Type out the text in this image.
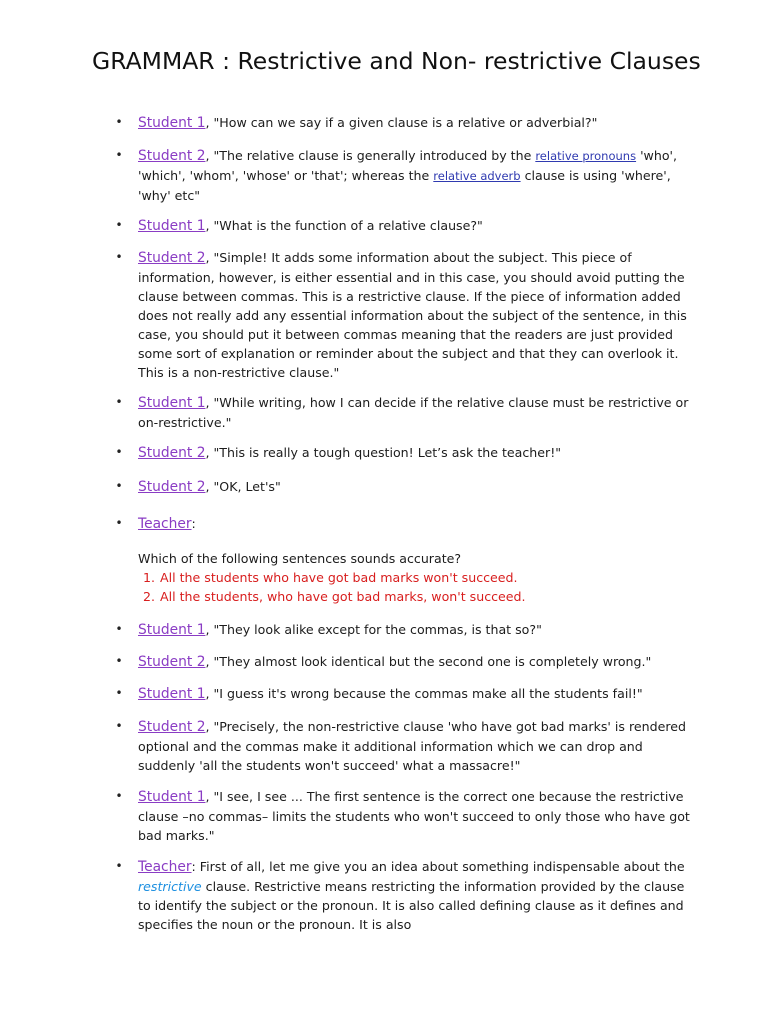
GRAMMAR : Restrictive and Non- restrictive Clauses
• Student 1, "How can we say if a given clause is a relative or adverbial?"
• Student 2, "The relative clause is generally introduced by the relative pronouns 'who', 'which', 'whom', 'whose' or 'that'; whereas the relative adverb clause is using 'where', 'why' etc"
• Student 1, "What is the function of a relative clause?"
• Student 2, "Simple! It adds some information about the subject. This piece of information, however, is either essential and in this case, you should avoid putting the clause between commas. This is a restrictive clause. If the piece of information added does not really add any essential information about the subject of the sentence, in this case, you should put it between commas meaning that the readers are just provided some sort of explanation or reminder about the subject and that they can overlook it. This is a non-restrictive clause."
• Student 1, "While writing, how I can decide if the relative clause must be restrictive or on-restrictive."
• Student 2, "This is really a tough question! Let’s ask the teacher!"
• Student 2, "OK, Let's"
• Teacher:
• Student 1, "They look alike except for the commas, is that so?"
• Student 2, "They almost look identical but the second one is completely wrong."
• Student 1, "I guess it's wrong because the commas make all the students fail!"
• Student 2, "Precisely, the non-restrictive clause 'who have got bad marks' is rendered optional and the commas make it additional information which we can drop and suddenly 'all the students won't succeed' what a massacre!"
• Student 1, "I see, I see ... The first sentence is the correct one because the restrictive clause –no commas– limits the students who won't succeed to only those who have got bad marks."
• Teacher: First of all, let me give you an idea about something indispensable about the restrictive clause. Restrictive means restricting the information provided by the clause to identify the subject or the pronoun. It is also called defining clause as it defines and specifies the noun or the pronoun. It is also
Which of the following sentences sounds accurate?
1. All the students who have got bad marks won't succeed.
2. All the students, who have got bad marks, won't succeed.
